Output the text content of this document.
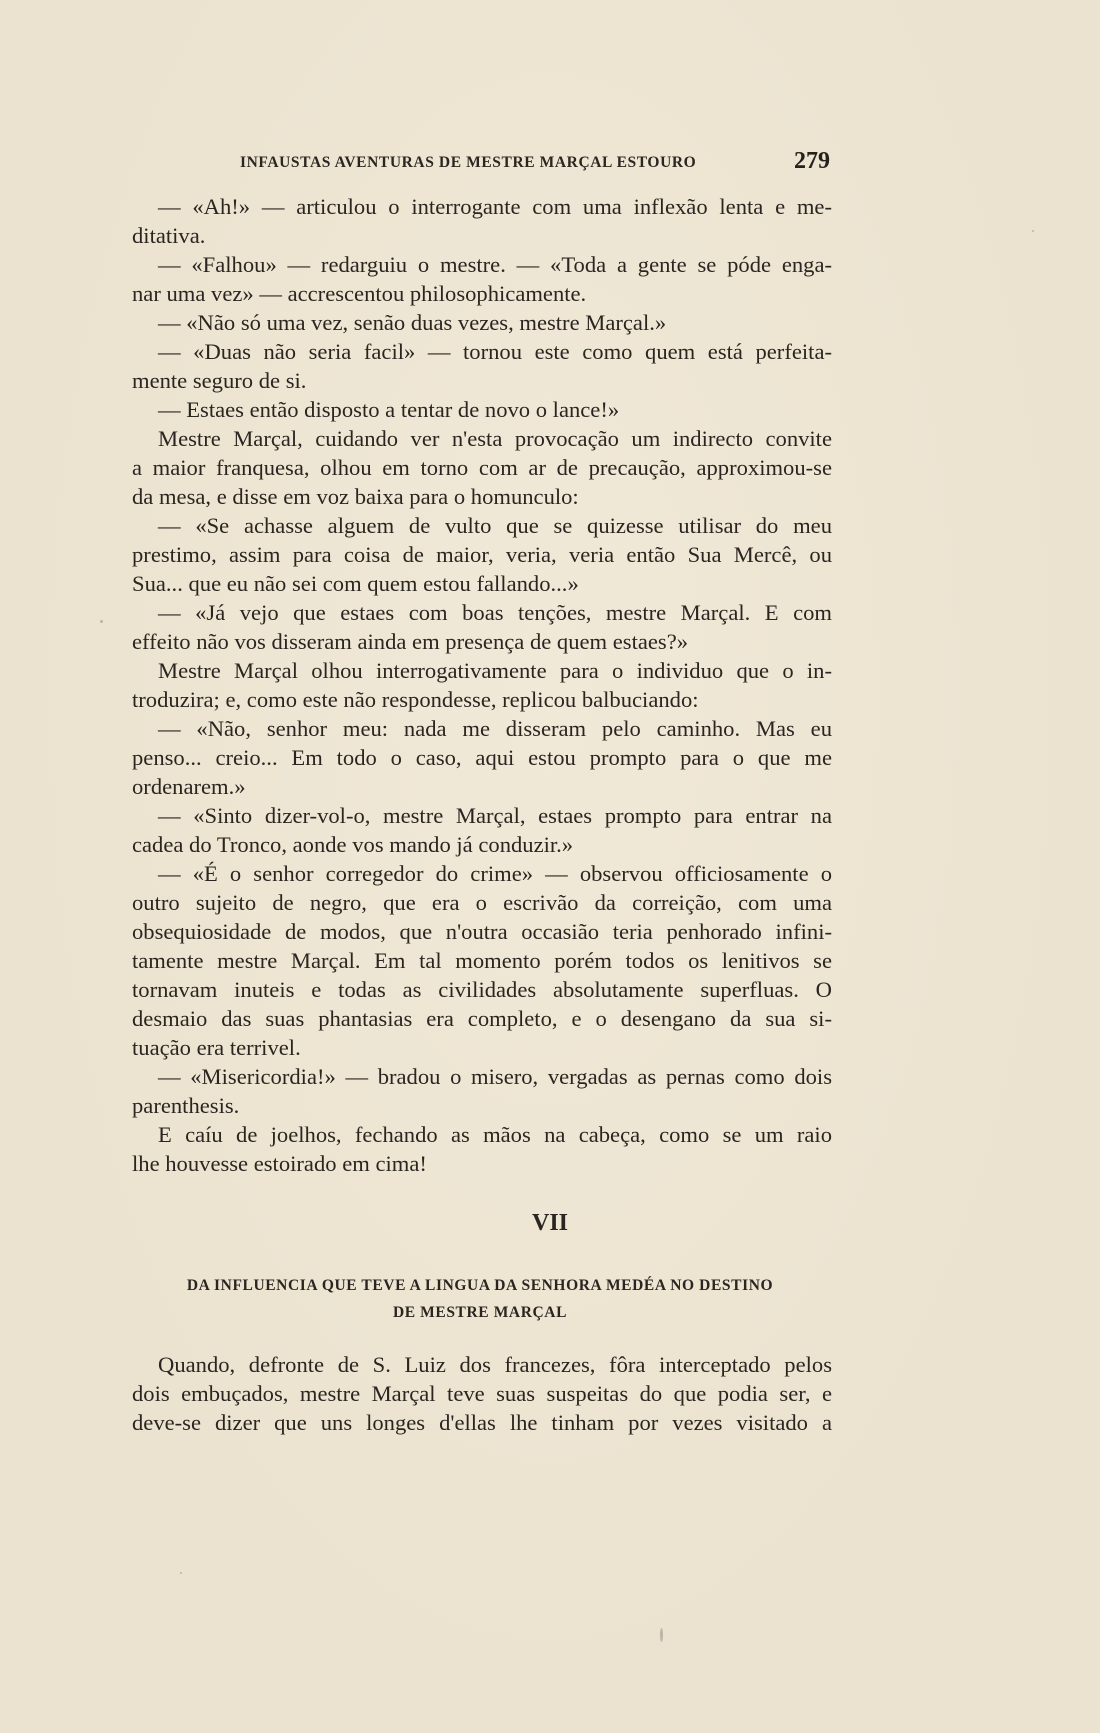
INFAUSTAS AVENTURAS DE MESTRE MARÇAL ESTOURO	279
— «Ah!» — articulou o interrogante com uma inflexão lenta e me-
ditativa.
— «Falhou» — redarguiu o mestre. — «Toda a gente se póde enga-
nar uma vez» — accrescentou philosophicamente.
— «Não só uma vez, senão duas vezes, mestre Marçal.»
— «Duas não seria facil» — tornou este como quem está perfeita-
mente seguro de si.
— Estaes então disposto a tentar de novo o lance!»
Mestre Marçal, cuidando ver n'esta provocação um indirecto convite
a maior franquesa, olhou em torno com ar de precaução, approximou-se
da mesa, e disse em voz baixa para o homunculo:
— «Se achasse alguem de vulto que se quizesse utilisar do meu
prestimo, assim para coisa de maior, veria, veria então Sua Mercê, ou
Sua... que eu não sei com quem estou fallando...»
— «Já vejo que estaes com boas tenções, mestre Marçal. E com
effeito não vos disseram ainda em presença de quem estaes?»
Mestre Marçal olhou interrogativamente para o individuo que o in-
troduzira; e, como este não respondesse, replicou balbuciando:
— «Não, senhor meu: nada me disseram pelo caminho. Mas eu
penso... creio... Em todo o caso, aqui estou prompto para o que me
ordenarem.»
— «Sinto dizer-vol-o, mestre Marçal, estaes prompto para entrar na
cadea do Tronco, aonde vos mando já conduzir.»
— «É o senhor corregedor do crime» — observou officiosamente o
outro sujeito de negro, que era o escrivão da correição, com uma
obsequiosidade de modos, que n'outra occasião teria penhorado infini-
tamente mestre Marçal. Em tal momento porém todos os lenitivos se
tornavam inuteis e todas as civilidades absolutamente superfluas. O
desmaio das suas phantasias era completo, e o desengano da sua si-
tuação era terrivel.
— «Misericordia!» — bradou o misero, vergadas as pernas como dois
parenthesis.
E caíu de joelhos, fechando as mãos na cabeça, como se um raio
lhe houvesse estoirado em cima!
VII
DA INFLUENCIA QUE TEVE A LINGUA DA SENHORA MEDÉA NO DESTINO
DE MESTRE MARÇAL
Quando, defronte de S. Luiz dos francezes, fôra interceptado pelos
dois embuçados, mestre Marçal teve suas suspeitas do que podia ser, e
deve-se dizer que uns longes d'ellas lhe tinham por vezes visitado a
